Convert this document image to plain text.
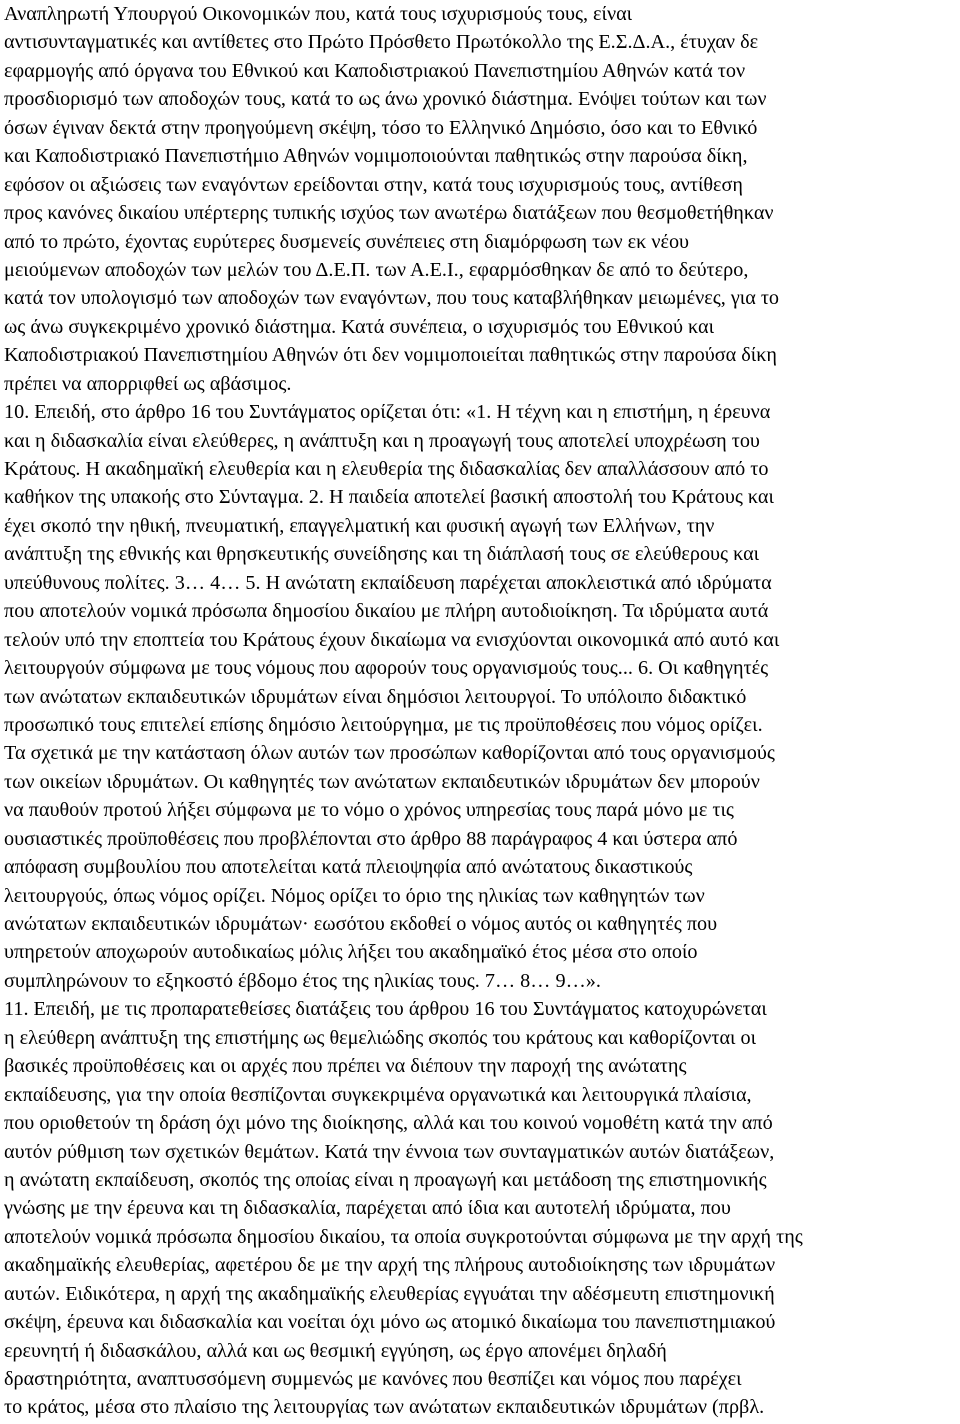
Αναπληρωτή Υπουργού Οικονομικών που, κατά τους ισχυρισμούς τους, είναι
αντισυνταγματικές και αντίθετες στο Πρώτο Πρόσθετο Πρωτόκολλο της Ε.Σ.Δ.Α., έτυχαν δε
εφαρμογής από όργανα του Εθνικού και Καποδιστριακού Πανεπιστημίου Αθηνών κατά τον
προσδιορισμό των αποδοχών τους, κατά το ως άνω χρονικό διάστημα. Ενόψει τούτων και των
όσων έγιναν δεκτά στην προηγούμενη σκέψη, τόσο το Ελληνικό Δημόσιο, όσο και το Εθνικό
και Καποδιστριακό Πανεπιστήμιο Αθηνών νομιμοποιούνται παθητικώς στην παρούσα δίκη,
εφόσον οι αξιώσεις των εναγόντων ερείδονται στην, κατά τους ισχυρισμούς τους, αντίθεση
προς κανόνες δικαίου υπέρτερης τυπικής ισχύος των ανωτέρω διατάξεων που θεσμοθετήθηκαν
από το πρώτο, έχοντας ευρύτερες δυσμενείς συνέπειες στη διαμόρφωση των εκ νέου
μειούμενων αποδοχών των μελών του Δ.Ε.Π. των Α.Ε.Ι., εφαρμόσθηκαν δε από το δεύτερο,
κατά τον υπολογισμό των αποδοχών των εναγόντων, που τους καταβλήθηκαν μειωμένες, για το
ως άνω συγκεκριμένο χρονικό διάστημα. Κατά συνέπεια, ο ισχυρισμός του Εθνικού και
Καποδιστριακού Πανεπιστημίου Αθηνών ότι δεν νομιμοποιείται παθητικώς στην παρούσα δίκη
πρέπει να απορριφθεί ως αβάσιμος.
10. Επειδή, στο άρθρο 16 του Συντάγματος ορίζεται ότι: «1. Η τέχνη και η επιστήμη, η έρευνα
και η διδασκαλία είναι ελεύθερες, η ανάπτυξη και η προαγωγή τους αποτελεί υποχρέωση του
Κράτους. Η ακαδημαϊκή ελευθερία και η ελευθερία της διδασκαλίας δεν απαλλάσσουν από το
καθήκον της υπακοής στο Σύνταγμα. 2. Η παιδεία αποτελεί βασική αποστολή του Κράτους και
έχει σκοπό την ηθική, πνευματική, επαγγελματική και φυσική αγωγή των Ελλήνων, την
ανάπτυξη της εθνικής και θρησκευτικής συνείδησης και τη διάπλασή τους σε ελεύθερους και
υπεύθυνους πολίτες. 3… 4… 5. Η ανώτατη εκπαίδευση παρέχεται αποκλειστικά από ιδρύματα
που αποτελούν νομικά πρόσωπα δημοσίου δικαίου με πλήρη αυτοδιοίκηση. Τα ιδρύματα αυτά
τελούν υπό την εποπτεία του Κράτους έχουν δικαίωμα να ενισχύονται οικονομικά από αυτό και
λειτουργούν σύμφωνα με τους νόμους που αφορούν τους οργανισμούς τους... 6. Οι καθηγητές
των ανώτατων εκπαιδευτικών ιδρυμάτων είναι δημόσιοι λειτουργοί. Το υπόλοιπο διδακτικό
προσωπικό τους επιτελεί επίσης δημόσιο λειτούργημα, με τις προϋποθέσεις που νόμος ορίζει.
Τα σχετικά με την κατάσταση όλων αυτών των προσώπων καθορίζονται από τους οργανισμούς
των οικείων ιδρυμάτων. Οι καθηγητές των ανώτατων εκπαιδευτικών ιδρυμάτων δεν μπορούν
να παυθούν προτού λήξει σύμφωνα με το νόμο ο χρόνος υπηρεσίας τους παρά μόνο με τις
ουσιαστικές προϋποθέσεις που προβλέπονται στο άρθρο 88 παράγραφος 4 και ύστερα από
απόφαση συμβουλίου που αποτελείται κατά πλειοψηφία από ανώτατους δικαστικούς
λειτουργούς, όπως νόμος ορίζει. Νόμος ορίζει το όριο της ηλικίας των καθηγητών των
ανώτατων εκπαιδευτικών ιδρυμάτων· εωσότου εκδοθεί ο νόμος αυτός οι καθηγητές που
υπηρετούν αποχωρούν αυτοδικαίως μόλις λήξει του ακαδημαϊκό έτος μέσα στο οποίο
συμπληρώνουν το εξηκοστό έβδομο έτος της ηλικίας τους. 7… 8… 9…».
11. Επειδή, με τις προπαρατεθείσες διατάξεις του άρθρου 16 του Συντάγματος κατοχυρώνεται
η ελεύθερη ανάπτυξη της επιστήμης ως θεμελιώδης σκοπός του κράτους και καθορίζονται οι
βασικές προϋποθέσεις και οι αρχές που πρέπει να διέπουν την παροχή της ανώτατης
εκπαίδευσης, για την οποία θεσπίζονται συγκεκριμένα οργανωτικά και λειτουργικά πλαίσια,
που οριοθετούν τη δράση όχι μόνο της διοίκησης, αλλά και του κοινού νομοθέτη κατά την από
αυτόν ρύθμιση των σχετικών θεμάτων. Κατά την έννοια των συνταγματικών αυτών διατάξεων,
η ανώτατη εκπαίδευση, σκοπός της οποίας είναι η προαγωγή και μετάδοση της επιστημονικής
γνώσης με την έρευνα και τη διδασκαλία, παρέχεται από ίδια και αυτοτελή ιδρύματα, που
αποτελούν νομικά πρόσωπα δημοσίου δικαίου, τα οποία συγκροτούνται σύμφωνα με την αρχή της
ακαδημαϊκής ελευθερίας, αφετέρου δε με την αρχή της πλήρους αυτοδιοίκησης των ιδρυμάτων
αυτών. Ειδικότερα, η αρχή της ακαδημαϊκής ελευθερίας εγγυάται την αδέσμευτη επιστημονική
σκέψη, έρευνα και διδασκαλία και νοείται όχι μόνο ως ατομικό δικαίωμα του πανεπιστημιακού
ερευνητή ή διδασκάλου, αλλά και ως θεσμική εγγύηση, ως έργο απονέμει δηλαδή
δραστηριότητα, αναπτυσσόμενη συμμενώς με κανόνες που θεσπίζει και νόμος που παρέχει
το κράτος, μέσα στο πλαίσιο της λειτουργίας των ανώτατων εκπαιδευτικών ιδρυμάτων (πρβλ.
